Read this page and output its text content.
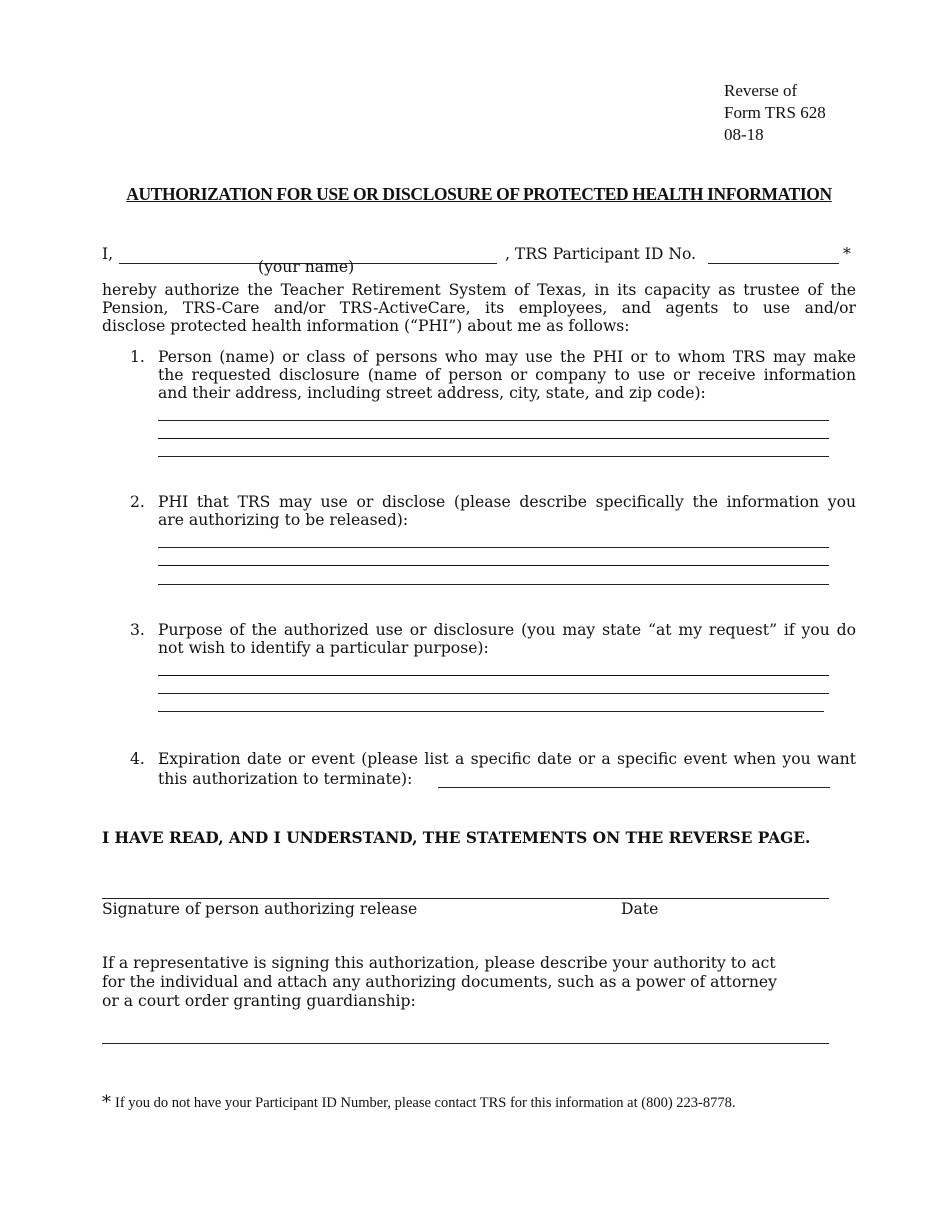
Reverse of
Form TRS 628
08-18
AUTHORIZATION FOR USE OR DISCLOSURE OF PROTECTED HEALTH INFORMATION
I,	, TRS Participant ID No.	*
(your name)
hereby authorize the Teacher Retirement System of Texas, in its capacity as trustee of the
Pension, TRS-Care and/or TRS-ActiveCare, its employees, and agents to use and/or
disclose protected health information (“PHI”) about me as follows:
1. Person (name) or class of persons who may use the PHI or to whom TRS may make
the requested disclosure (name of person or company to use or receive information
and their address, including street address, city, state, and zip code):
2. PHI that TRS may use or disclose (please describe specifically the information you
are authorizing to be released):
3. Purpose of the authorized use or disclosure (you may state “at my request” if you do
not wish to identify a particular purpose):
4. Expiration date or event (please list a specific date or a specific event when you want
this authorization to terminate):
I HAVE READ, AND I UNDERSTAND, THE STATEMENTS ON THE REVERSE PAGE.
Signature of person authorizing release	Date
If a representative is signing this authorization, please describe your authority to act
for the individual and attach any authorizing documents, such as a power of attorney
or a court order granting guardianship:
* If you do not have your Participant ID Number, please contact TRS for this information at (800) 223-8778.
